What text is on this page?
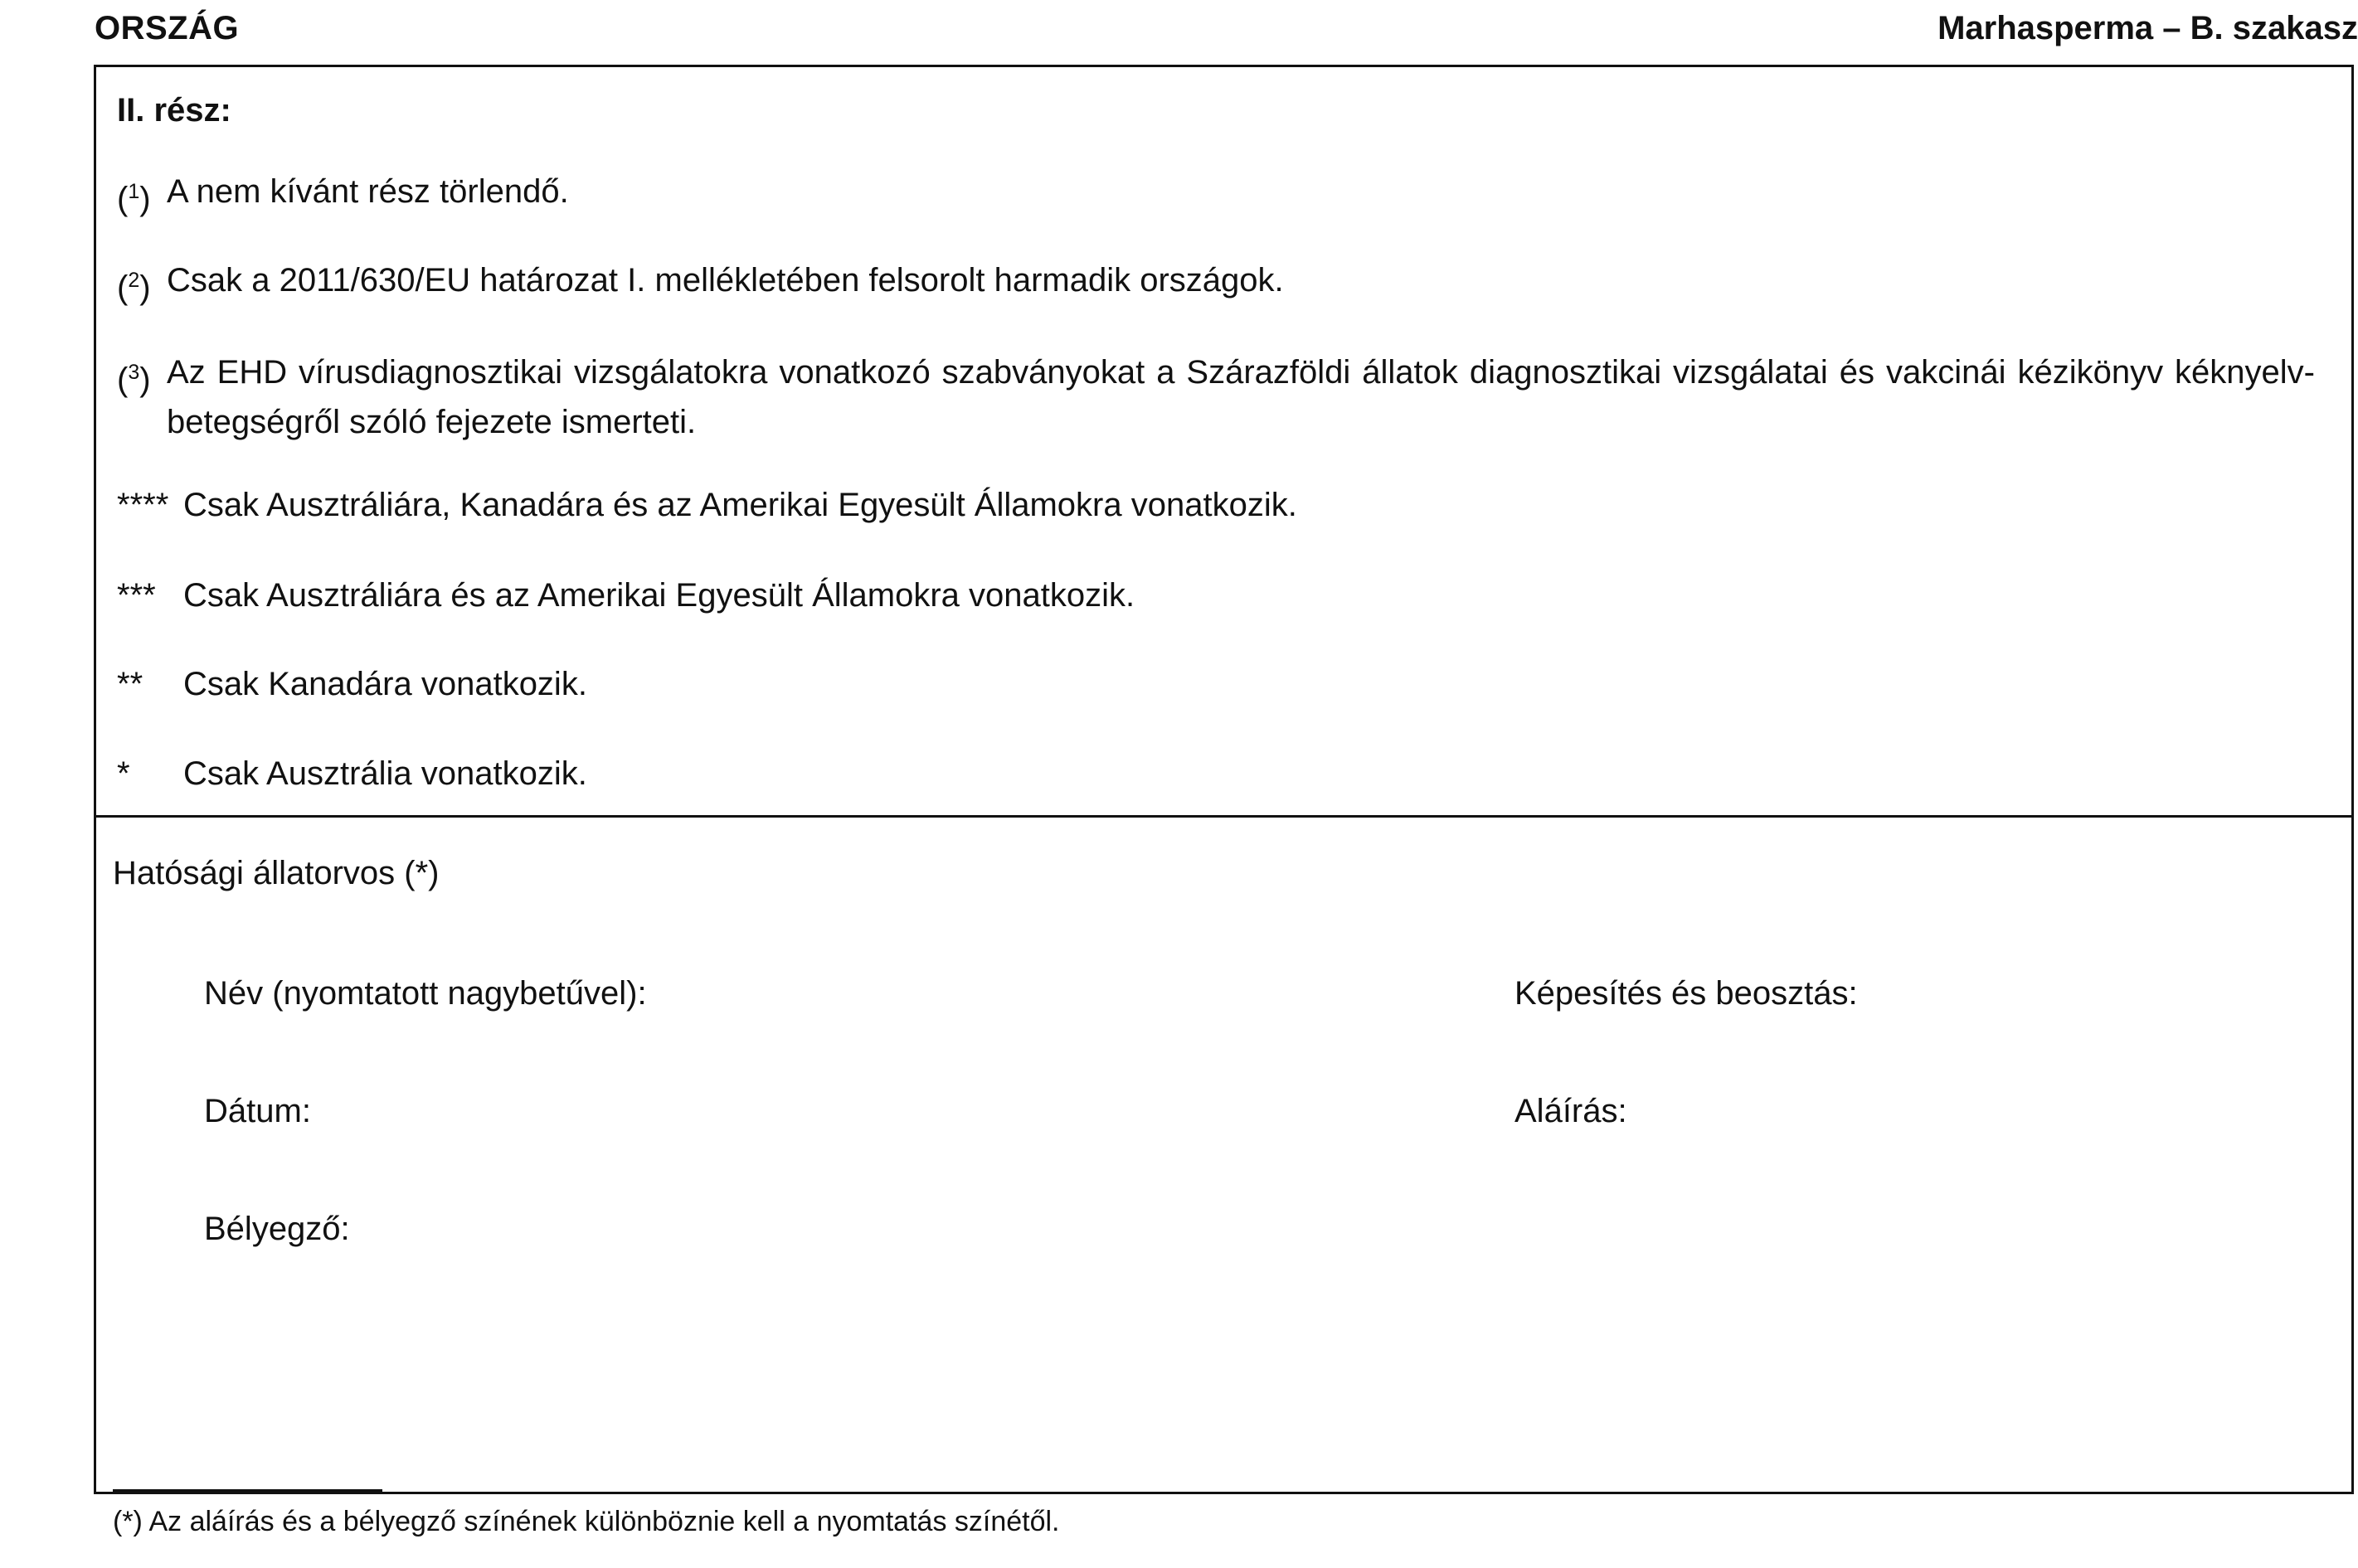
ORSZÁG	Marhasperma – B. szakasz
II. rész:
($^1$) A nem kívánt rész törlendő.
($^2$) Csak a 2011/630/EU határozat I. mellékletében felsorolt harmadik országok.
($^3$) Az EHD vírusdiagnosztikai vizsgálatokra vonatkozó szabványokat a Szárazföldi állatok diagnosztikai vizsgálatai és vakcinái kézikönyv kéknyelv-betegségről szóló fejezete ismerteti.
**** Csak Ausztráliára, Kanadára és az Amerikai Egyesült Államokra vonatkozik.
*** Csak Ausztráliára és az Amerikai Egyesült Államokra vonatkozik.
** Csak Kanadára vonatkozik.
* Csak Ausztrália vonatkozik.
Hatósági állatorvos (*)
Név (nyomtatott nagybetűvel):	Képesítés és beosztás:
Dátum:	Aláírás:
Bélyegző:
(*) Az aláírás és a bélyegző színének különböznie kell a nyomtatás színétől.
